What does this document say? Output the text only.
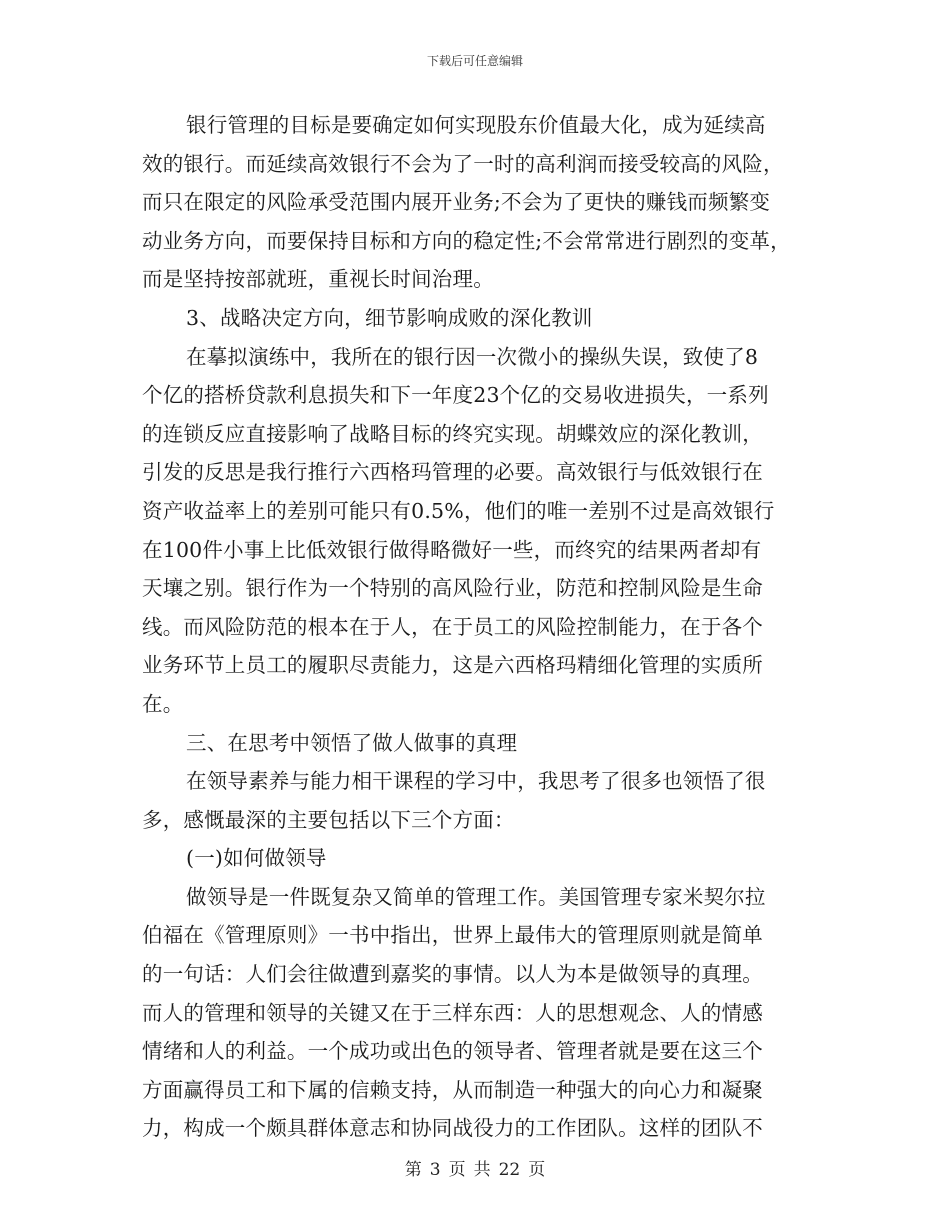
下载后可任意编辑
银行管理的目标是要确定如何实现股东价值最大化，成为延续高
效的银行。而延续高效银行不会为了一时的高利润而接受较高的风险，
而只在限定的风险承受范围内展开业务;不会为了更快的赚钱而频繁变
动业务方向，而要保持目标和方向的稳定性;不会常常进行剧烈的变革，
而是坚持按部就班，重视长时间治理。
3、战略决定方向，细节影响成败的深化教训
在摹拟演练中，我所在的银行因一次微小的操纵失误，致使了8
个亿的搭桥贷款利息损失和下一年度23个亿的交易收进损失，一系列
的连锁反应直接影响了战略目标的终究实现。胡蝶效应的深化教训，
引发的反思是我行推行六西格玛管理的必要。高效银行与低效银行在
资产收益率上的差别可能只有0.5%，他们的唯一差别不过是高效银行
在100件小事上比低效银行做得略微好一些，而终究的结果两者却有
天壤之别。银行作为一个特别的高风险行业，防范和控制风险是生命
线。而风险防范的根本在于人，在于员工的风险控制能力，在于各个
业务环节上员工的履职尽责能力，这是六西格玛精细化管理的实质所
在。
三、在思考中领悟了做人做事的真理
在领导素养与能力相干课程的学习中，我思考了很多也领悟了很
多，感慨最深的主要包括以下三个方面：
(一)如何做领导
做领导是一件既复杂又简单的管理工作。美国管理专家米契尔拉
伯福在《管理原则》一书中指出，世界上最伟大的管理原则就是简单
的一句话：人们会往做遭到嘉奖的事情。以人为本是做领导的真理。
而人的管理和领导的关键又在于三样东西：人的思想观念、人的情感
情绪和人的利益。一个成功或出色的领导者、管理者就是要在这三个
方面赢得员工和下属的信赖支持，从而制造一种强大的向心力和凝聚
力，构成一个颇具群体意志和协同战役力的工作团队。这样的团队不
第 3 页 共 22 页
